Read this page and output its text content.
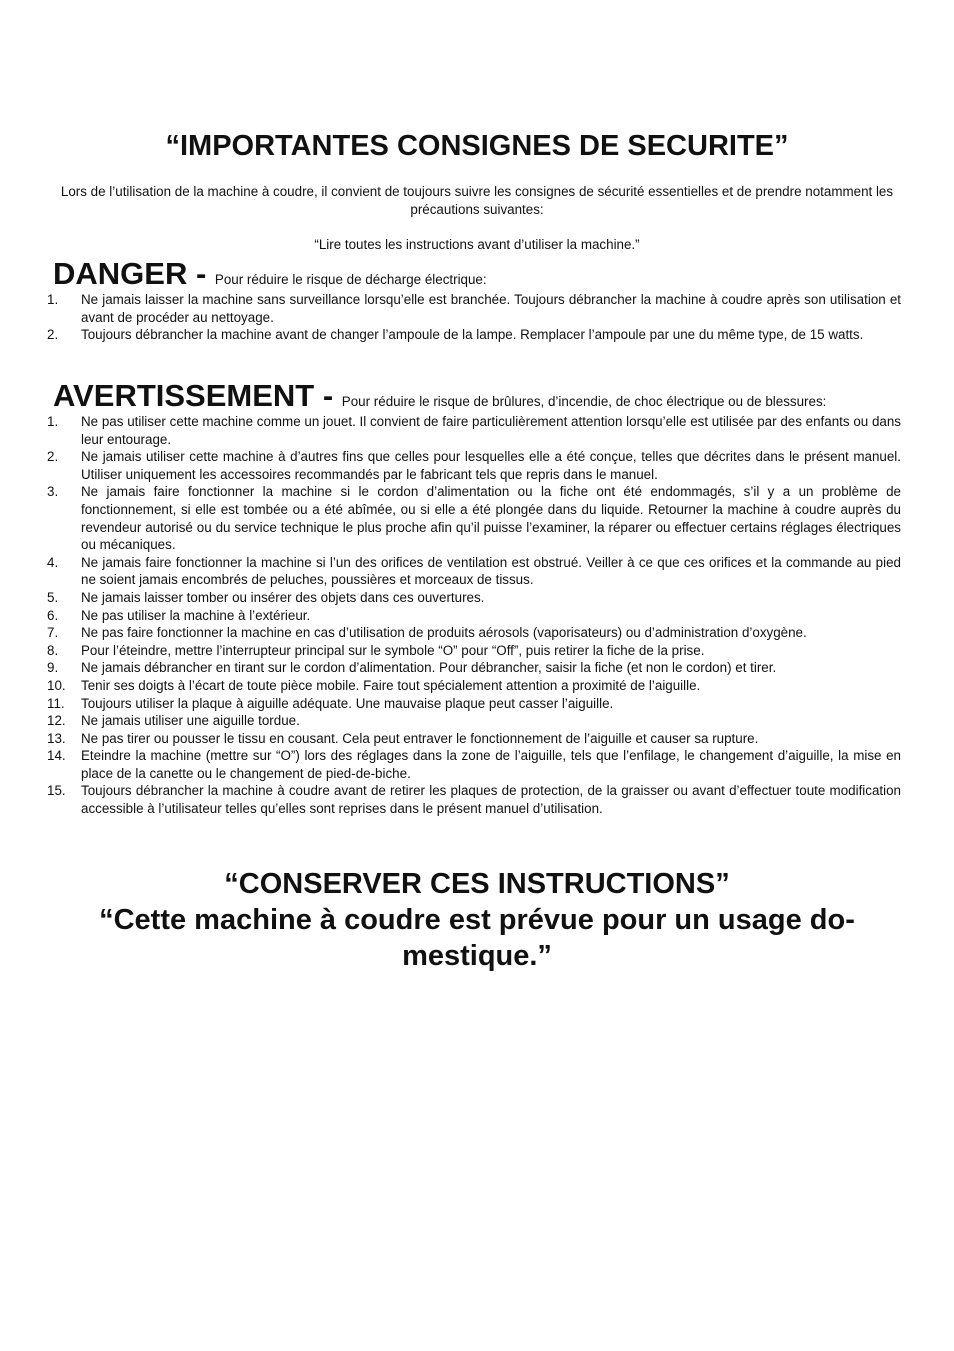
“IMPORTANTES CONSIGNES DE SECURITE”
Lors de l’utilisation de la machine à coudre, il convient de toujours suivre les consignes de sécurité essentielles et de prendre notamment les précautions suivantes:
“Lire toutes les instructions avant d’utiliser la machine.”
DANGER - Pour réduire le risque de décharge électrique:
1. Ne jamais laisser la machine sans surveillance lorsqu’elle est branchée. Toujours débrancher la machine à coudre après son utilisation et avant de procéder au nettoyage.
2. Toujours débrancher la machine avant de changer l’ampoule de la lampe. Remplacer l’ampoule par une du même type, de 15 watts.
AVERTISSEMENT - Pour réduire le risque de brûlures, d’incendie, de choc électrique ou de blessures:
1. Ne pas utiliser cette machine comme un jouet. Il convient de faire particulièrement attention lorsqu’elle est utilisée par des enfants ou dans leur entourage.
2. Ne jamais utiliser cette machine à d’autres fins que celles pour lesquelles elle a été conçue, telles que décrites dans le présent manuel. Utiliser uniquement les accessoires recommandés par le fabricant tels que repris dans le manuel.
3. Ne jamais faire fonctionner la machine si le cordon d’alimentation ou la fiche ont été endommagés, s’il y a un problème de fonctionnement, si elle est tombée ou a été abîmée, ou si elle a été plongée dans du liquide. Retourner la machine à coudre auprès du revendeur autorisé ou du service technique le plus proche afin qu’il puisse l’examiner, la réparer ou effectuer certains réglages électriques ou mécaniques.
4. Ne jamais faire fonctionner la machine si l’un des orifices de ventilation est obstrué. Veiller à ce que ces orifices et la commande au pied ne soient jamais encombrés de peluches, poussières et morceaux de tissus.
5. Ne jamais laisser tomber ou insérer des objets dans ces ouvertures.
6. Ne pas utiliser la machine à l’extérieur.
7. Ne pas faire fonctionner la machine en cas d’utilisation de produits aérosols (vaporisateurs) ou d’administration d’oxygène.
8. Pour l’éteindre, mettre l’interrupteur principal sur le symbole “O” pour “Off”, puis retirer la fiche de la prise.
9. Ne jamais débrancher en tirant sur le cordon d’alimentation. Pour débrancher, saisir la fiche (et non le cordon) et tirer.
10. Tenir ses doigts à l’écart de toute pièce mobile. Faire tout spécialement attention a proximité de l’aiguille.
11. Toujours utiliser la plaque à aiguille adéquate. Une mauvaise plaque peut casser l’aiguille.
12. Ne jamais utiliser une aiguille tordue.
13. Ne pas tirer ou pousser le tissu en cousant. Cela peut entraver le fonctionnement de l’aiguille et causer sa rupture.
14. Eteindre la machine (mettre sur “O”) lors des réglages dans la zone de l’aiguille, tels que l’enfilage, le changement d’aiguille, la mise en place de la canette ou le changement de pied-de-biche.
15. Toujours débrancher la machine à coudre avant de retirer les plaques de protection, de la graisser ou avant d’effectuer toute modification accessible à l’utilisateur telles qu’elles sont reprises dans le présent manuel d’utilisation.
“CONSERVER CES INSTRUCTIONS”
“Cette machine à coudre est prévue pour un usage do-
mestique.”
